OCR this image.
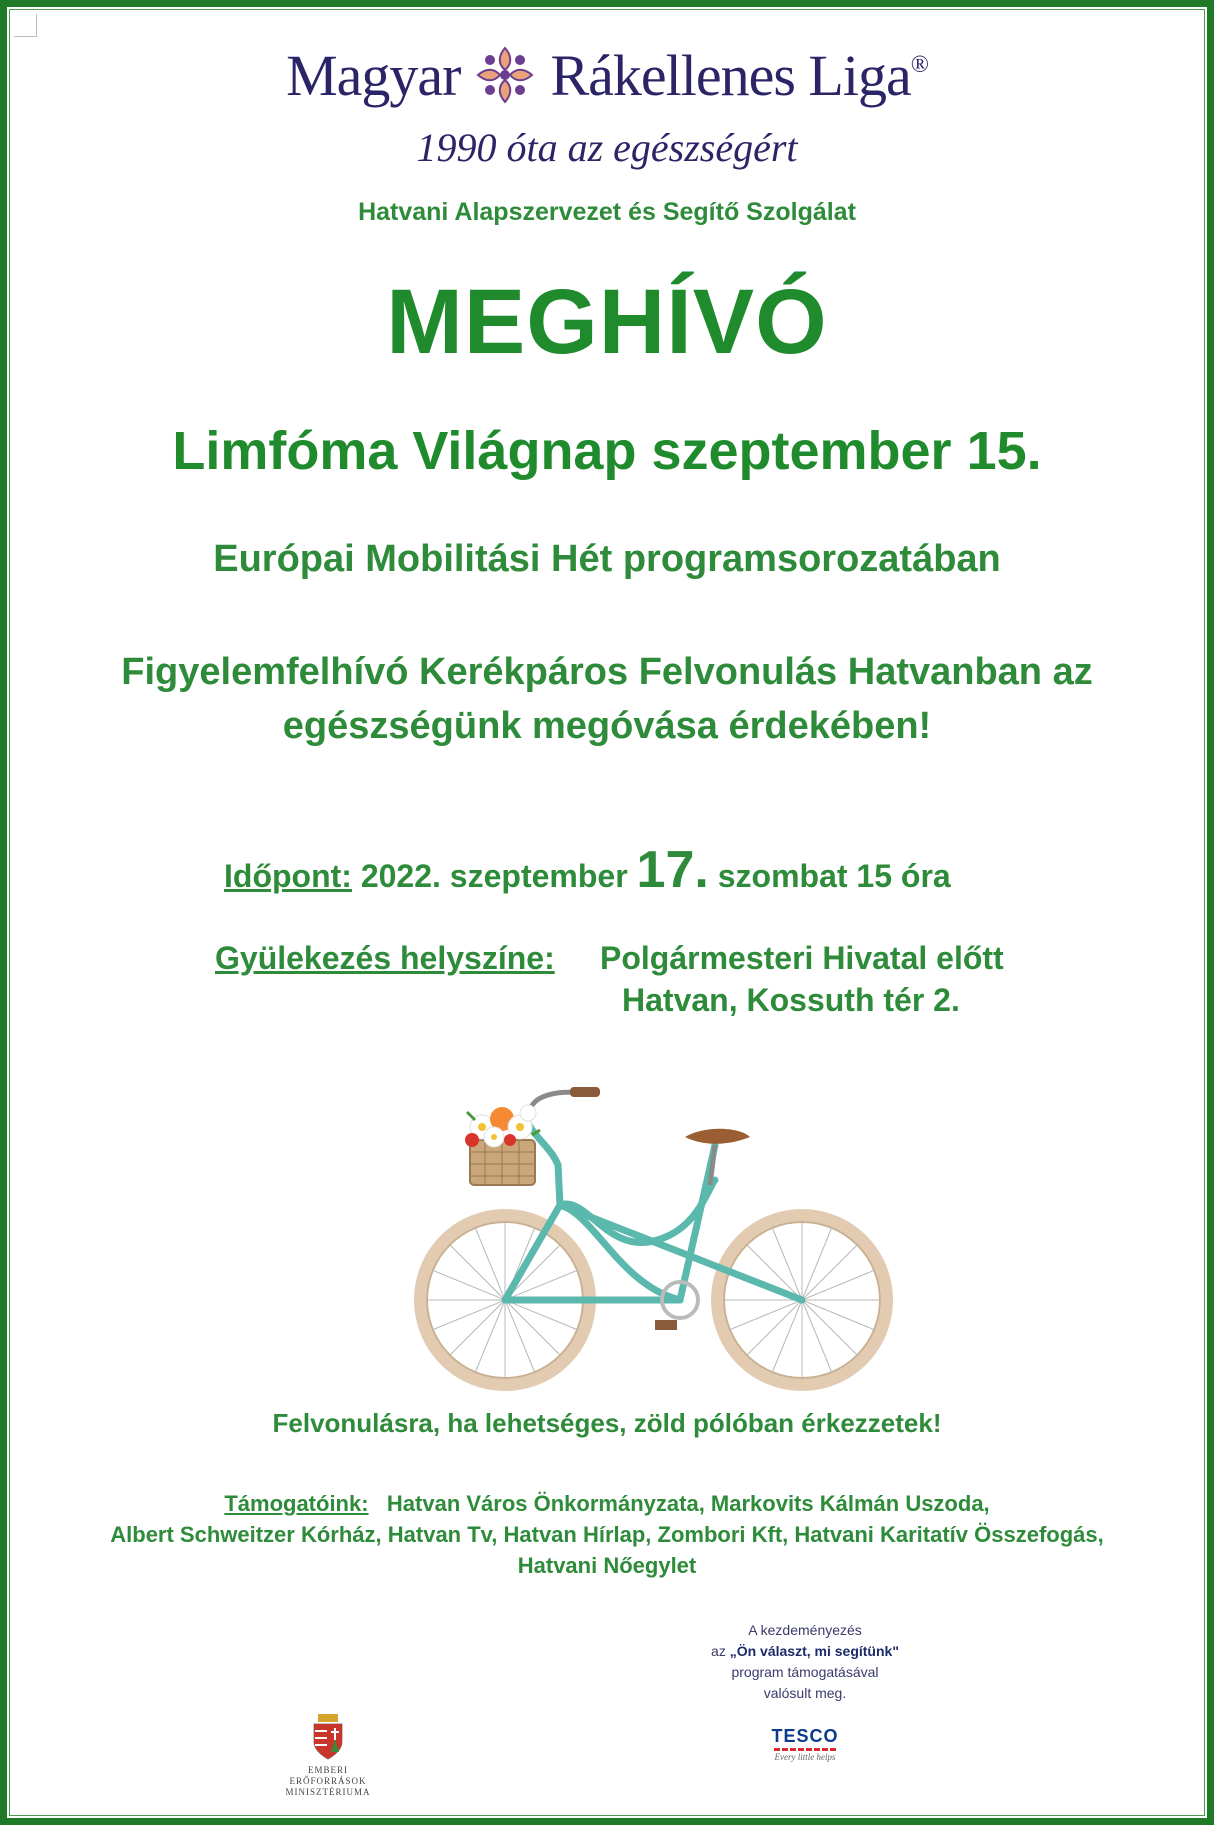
Magyar Rákellenes Liga®
1990 óta az egészségért
Hatvani Alapszervezet és Segítő Szolgálat
MEGHÍVÓ
Limfóma Világnap szeptember 15.
Európai Mobilitási Hét programsorozatában
Figyelemfelhívó Kerékpáros Felvonulás Hatvanban az
egészségünk megóvása érdekében!
Időpont: 2022. szeptember 17. szombat 15 óra
Gyülekezés helyszíne: Polgármesteri Hivatal előtt
Hatvan, Kossuth tér 2.
Felvonulásra, ha lehetséges, zöld pólóban érkezzetek!
Támogatóink: Hatvan Város Önkormányzata, Markovits Kálmán Uszoda,
Albert Schweitzer Kórház, Hatvan Tv, Hatvan Hírlap, Zombori Kft, Hatvani Karitatív Összefogás,
Hatvani Nőegylet
A kezdeményezés
az „Ön választ, mi segítünk"
program támogatásával
valósult meg.
EMBERI ERŐFORRÁSOK
MINISZTÉRIUMA
TESCO
Every little helps
